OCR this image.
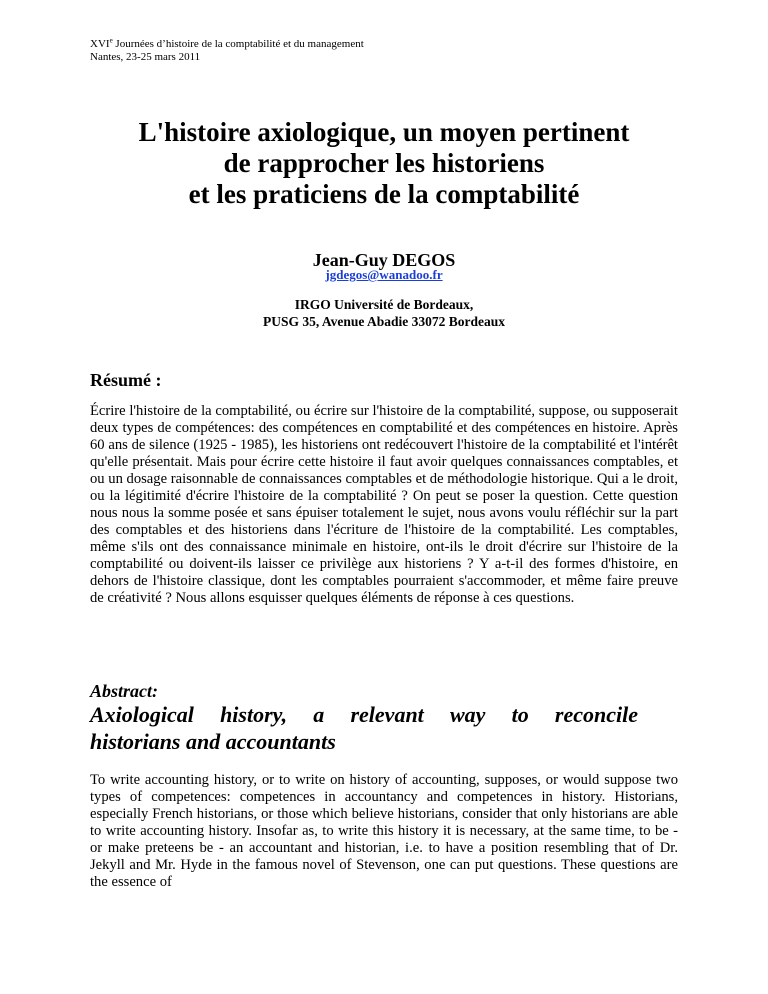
XVIe Journées d’histoire de la comptabilité et du management
Nantes, 23-25 mars 2011
L'histoire axiologique, un moyen pertinent
de rapprocher les historiens
et les praticiens de la comptabilité
Jean-Guy DEGOS
jgdegos@wanadoo.fr
IRGO Université de Bordeaux,
PUSG 35, Avenue Abadie 33072 Bordeaux
Résumé :

Écrire l'histoire de la comptabilité, ou écrire sur l'histoire de la comptabilité, suppose, ou supposerait deux types de compétences: des compétences en comptabilité et des compétences en histoire. Après 60 ans de silence (1925 - 1985), les historiens ont redécouvert l'histoire de la comptabilité et l'intérêt qu'elle présentait. Mais pour écrire cette histoire il faut avoir quelques connaissances comptables, et ou un dosage raisonnable de connaissances comptables et de méthodologie historique. Qui a le droit, ou la légitimité d'écrire l'histoire de la comptabilité ? On peut se poser la question. Cette question nous nous la somme posée et sans épuiser totalement le sujet, nous avons voulu réfléchir sur la part des comptables et des historiens dans l'écriture de l'histoire de la comptabilité. Les comptables, même s'ils ont des connaissance minimale en histoire, ont-ils le droit d'écrire sur l'histoire de la comptabilité ou doivent-ils laisser ce privilège aux historiens ? Y a-t-il des formes d'histoire, en dehors de l'histoire classique, dont les comptables pourraient s'accommoder, et même faire preuve de créativité ? Nous allons esquisser quelques éléments de réponse à ces questions.

Abstract:
Axiological history, a relevant way to reconcile
historians and accountants

To write accounting history, or to write on history of accounting, supposes, or would suppose two types of competences: competences in accountancy and competences in history. Historians, especially French historians, or those which believe historians, consider that only historians are able to write accounting history. Insofar as, to write this history it is necessary, at the same time, to be - or make preteens be - an accountant and historian, i.e. to have a position resembling that of Dr. Jekyll and Mr. Hyde in the famous novel of Stevenson, one can put questions. These questions are the essence of
